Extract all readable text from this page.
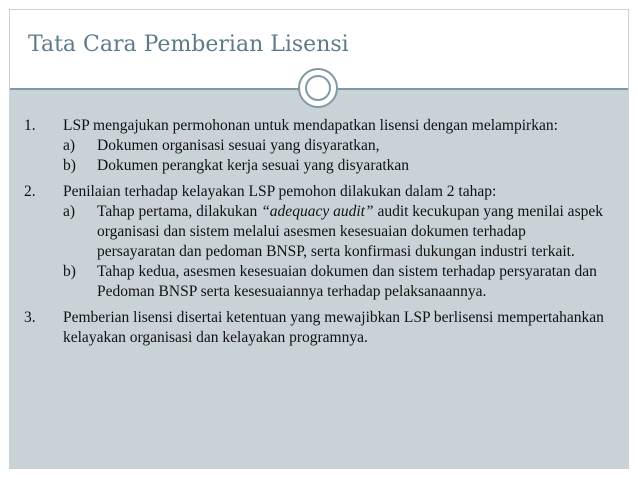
Tata Cara Pemberian Lisensi
1. LSP mengajukan permohonan untuk mendapatkan lisensi dengan melampirkan:
a) Dokumen organisasi sesuai yang disyaratkan,
b) Dokumen perangkat kerja sesuai yang disyaratkan
2. Penilaian terhadap kelayakan LSP pemohon dilakukan dalam 2 tahap:
a) Tahap pertama, dilakukan “adequacy audit” audit kecukupan yang menilai aspek organisasi dan sistem melalui asesmen kesesuaian dokumen terhadap persayaratan dan pedoman BNSP, serta konfirmasi dukungan industri terkait.
b) Tahap kedua, asesmen kesesuaian dokumen dan sistem terhadap persyaratan dan Pedoman BNSP serta kesesuaiannya terhadap pelaksanaannya.
3. Pemberian lisensi disertai ketentuan yang mewajibkan LSP berlisensi mempertahankan kelayakan organisasi dan kelayakan programnya.
